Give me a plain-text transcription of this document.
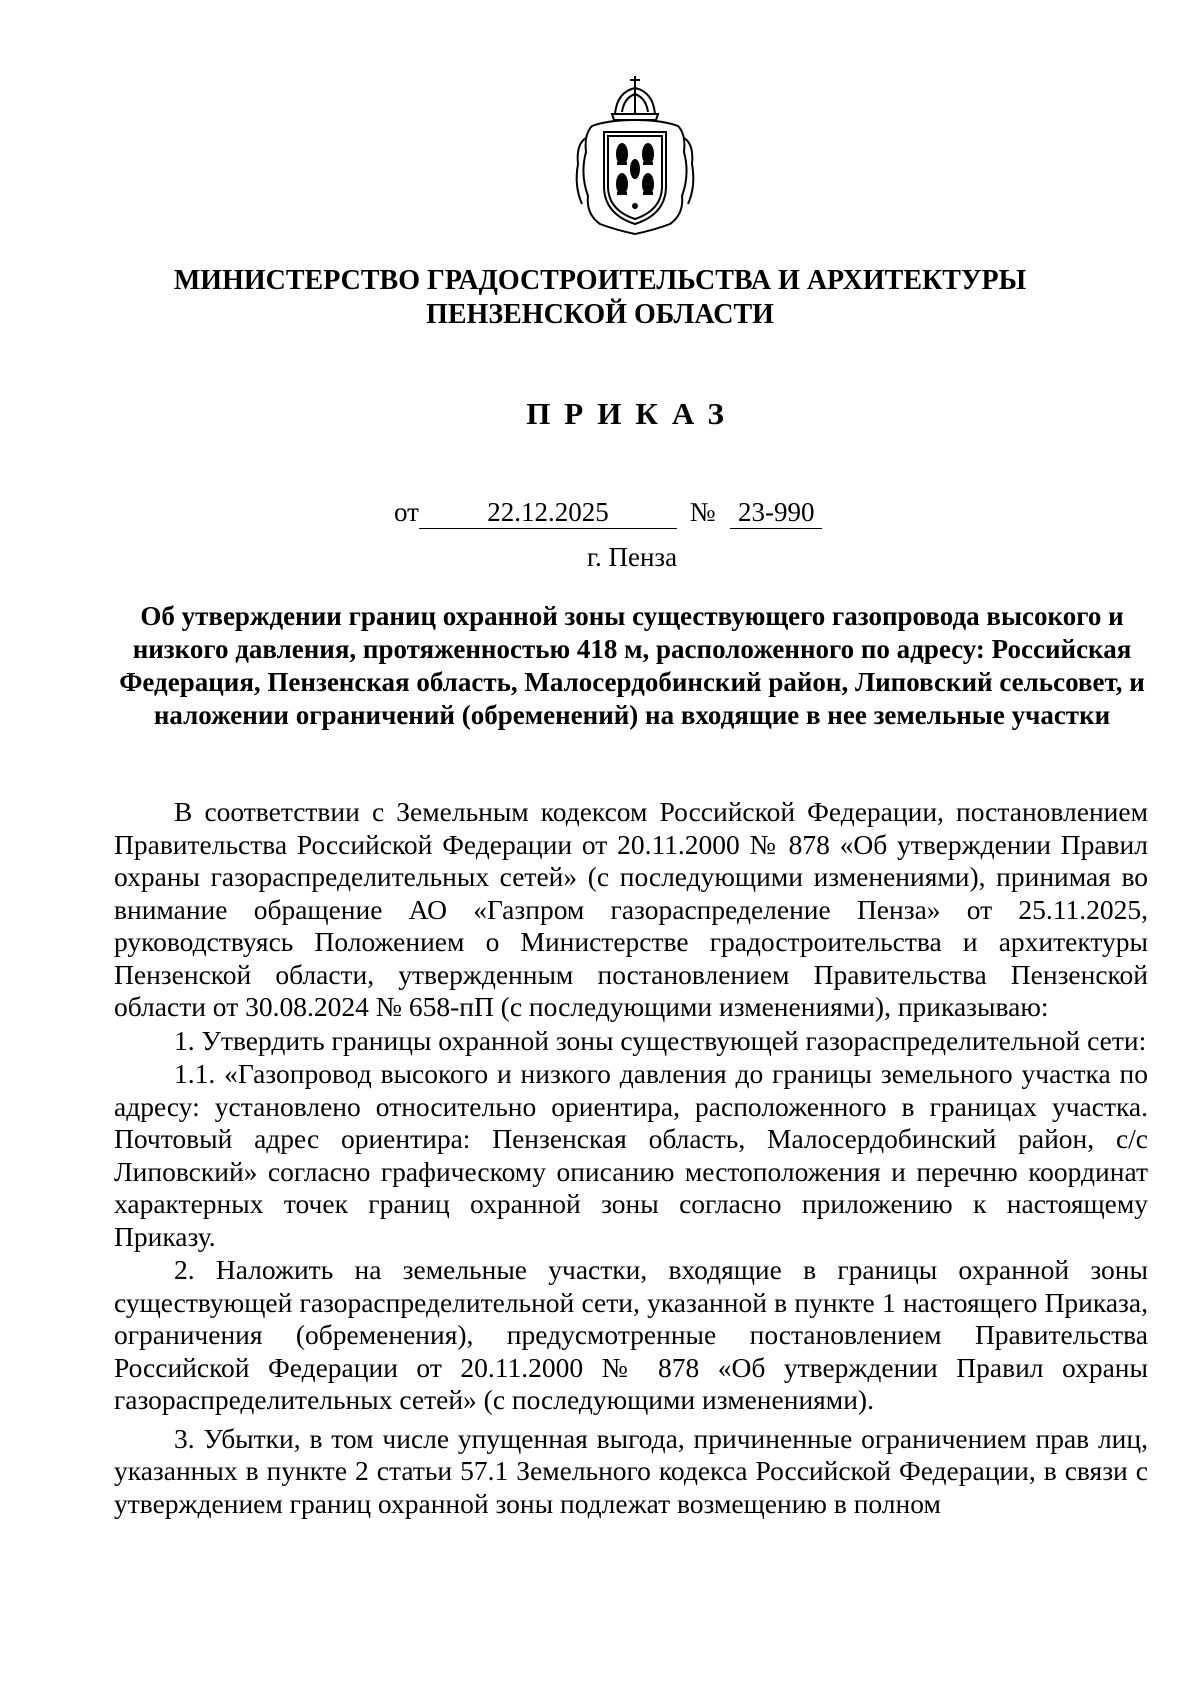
МИНИСТЕРСТВО ГРАДОСТРОИТЕЛЬСТВА И АРХИТЕКТУРЫ
ПЕНЗЕНСКОЙ ОБЛАСТИ
ПРИКАЗ
от	22.12.2025	№ 23-990
г. Пенза
Об утверждении границ охранной зоны существующего газопровода высокого и низкого давления, протяженностью 418 м, расположенного по адресу: Российская Федерация, Пензенская область, Малосердобинский район, Липовский сельсовет, и наложении ограничений (обременений) на входящие в нее земельные участки

В соответствии с Земельным кодексом Российской Федерации, постановлением Правительства Российской Федерации от 20.11.2000 № 878 «Об утверждении Правил охраны газораспределительных сетей» (с последующими изменениями), принимая во внимание обращение АО «Газпром газораспределение Пенза» от 25.11.2025, руководствуясь Положением о Министерстве градостроительства и архитектуры Пензенской области, утвержденным постановлением Правительства Пензенской области от 30.08.2024 № 658-пП (с последующими изменениями), приказываю:

1. Утвердить границы охранной зоны существующей газораспределительной сети:

1.1. «Газопровод высокого и низкого давления до границы земельного участка по адресу: установлено относительно ориентира, расположенного в границах участка. Почтовый адрес ориентира: Пензенская область, Малосердобинский район, с/с Липовский» согласно графическому описанию местоположения и перечню координат характерных точек границ охранной зоны согласно приложению к настоящему Приказу.

2. Наложить на земельные участки, входящие в границы охранной зоны существующей газораспределительной сети, указанной в пункте 1 настоящего Приказа, ограничения (обременения), предусмотренные постановлением Правительства Российской Федерации от 20.11.2000 № 878 «Об утверждении Правил охраны газораспределительных сетей» (с последующими изменениями).

3. Убытки, в том числе упущенная выгода, причиненные ограничением прав лиц, указанных в пункте 2 статьи 57.1 Земельного кодекса Российской Федерации, в связи с утверждением границ охранной зоны подлежат возмещению в полном
